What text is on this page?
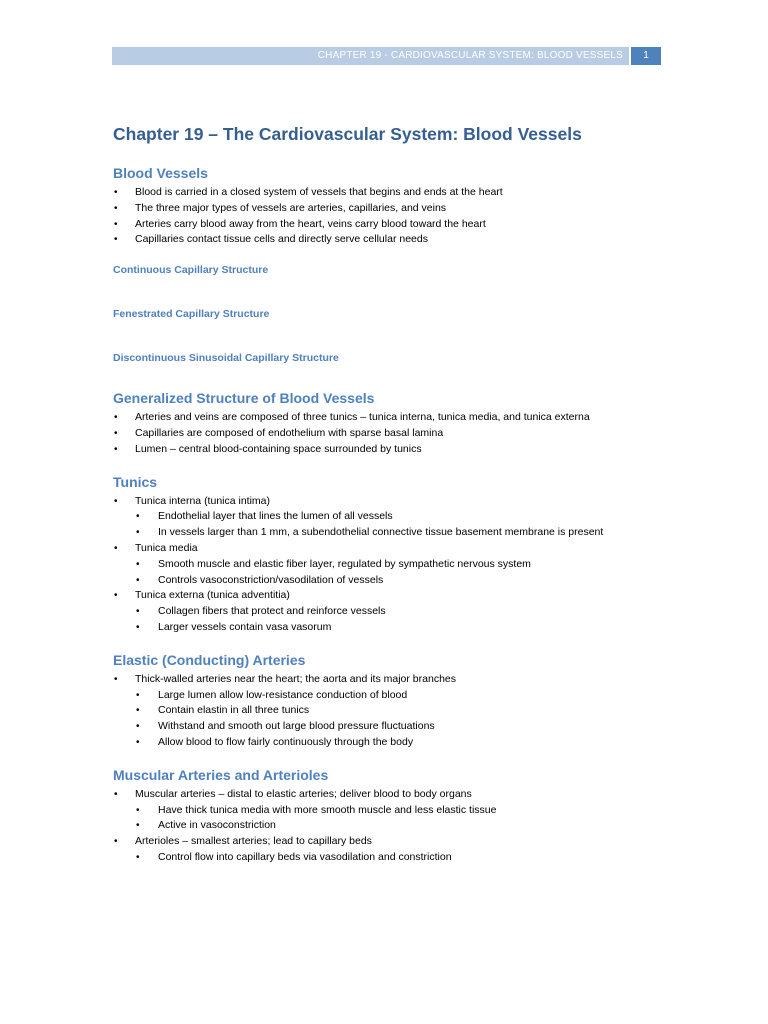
CHAPTER 19 - CARDIOVASCULAR SYSTEM: BLOOD VESSELS	1
Chapter 19 – The Cardiovascular System: Blood Vessels
Blood Vessels
• Blood is carried in a closed system of vessels that begins and ends at the heart
• The three major types of vessels are arteries, capillaries, and veins
• Arteries carry blood away from the heart, veins carry blood toward the heart
• Capillaries contact tissue cells and directly serve cellular needs
Continuous Capillary Structure
Fenestrated Capillary Structure
Discontinuous Sinusoidal Capillary Structure
Generalized Structure of Blood Vessels
• Arteries and veins are composed of three tunics – tunica interna, tunica media, and tunica externa
• Capillaries are composed of endothelium with sparse basal lamina
• Lumen – central blood-containing space surrounded by tunics
Tunics
• Tunica interna (tunica intima)
• Endothelial layer that lines the lumen of all vessels
• In vessels larger than 1 mm, a subendothelial connective tissue basement membrane is present
• Tunica media
• Smooth muscle and elastic fiber layer, regulated by sympathetic nervous system
• Controls vasoconstriction/vasodilation of vessels
• Tunica externa (tunica adventitia)
• Collagen fibers that protect and reinforce vessels
• Larger vessels contain vasa vasorum
Elastic (Conducting) Arteries
• Thick-walled arteries near the heart; the aorta and its major branches
• Large lumen allow low-resistance conduction of blood
• Contain elastin in all three tunics
• Withstand and smooth out large blood pressure fluctuations
• Allow blood to flow fairly continuously through the body
Muscular Arteries and Arterioles
• Muscular arteries – distal to elastic arteries; deliver blood to body organs
• Have thick tunica media with more smooth muscle and less elastic tissue
• Active in vasoconstriction
• Arterioles – smallest arteries; lead to capillary beds
• Control flow into capillary beds via vasodilation and constriction
